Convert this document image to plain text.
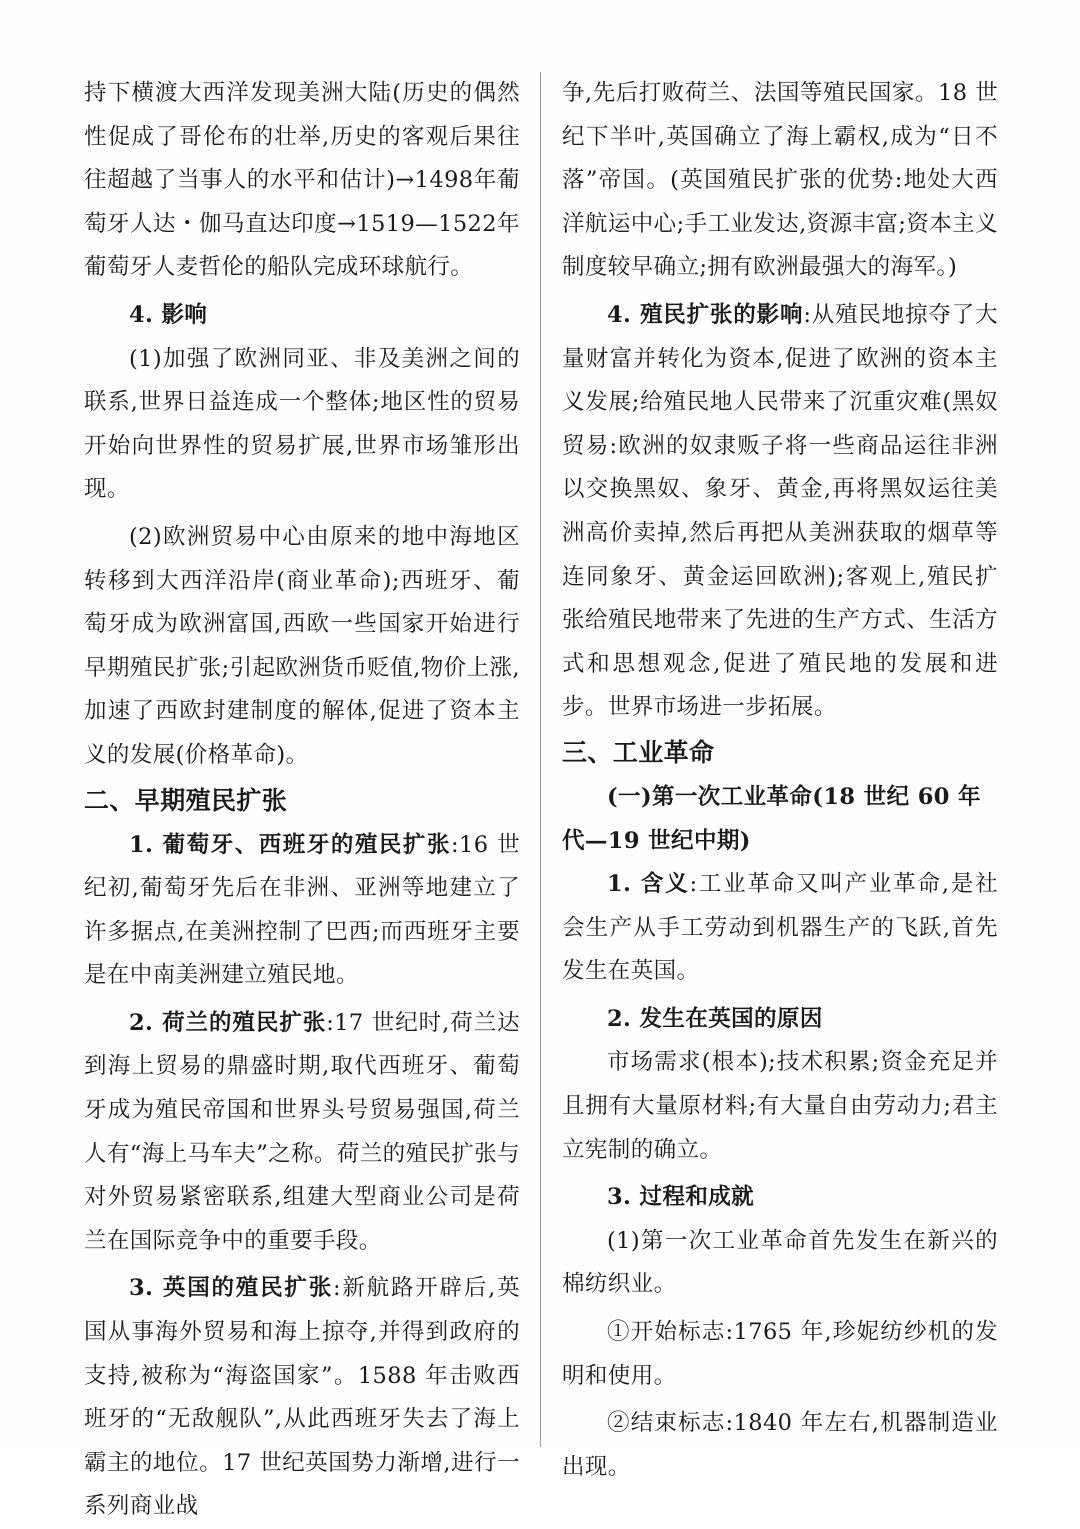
持下横渡大西洋发现美洲大陆(历史的偶然性促成了哥伦布的壮举,历史的客观后果往往超越了当事人的水平和估计)→1498年葡萄牙人达・伽马直达印度→1519—1522年葡萄牙人麦哲伦的船队完成环球航行。

4. 影响

(1)加强了欧洲同亚、非及美洲之间的联系,世界日益连成一个整体;地区性的贸易开始向世界性的贸易扩展,世界市场雏形出现。

(2)欧洲贸易中心由原来的地中海地区转移到大西洋沿岸(商业革命);西班牙、葡萄牙成为欧洲富国,西欧一些国家开始进行早期殖民扩张;引起欧洲货币贬值,物价上涨,加速了西欧封建制度的解体,促进了资本主义的发展(价格革命)。

二、早期殖民扩张

1. 葡萄牙、西班牙的殖民扩张:16 世纪初,葡萄牙先后在非洲、亚洲等地建立了许多据点,在美洲控制了巴西;而西班牙主要是在中南美洲建立殖民地。

2. 荷兰的殖民扩张:17 世纪时,荷兰达到海上贸易的鼎盛时期,取代西班牙、葡萄牙成为殖民帝国和世界头号贸易强国,荷兰人有“海上马车夫”之称。荷兰的殖民扩张与对外贸易紧密联系,组建大型商业公司是荷兰在国际竞争中的重要手段。

3. 英国的殖民扩张:新航路开辟后,英国从事海外贸易和海上掠夺,并得到政府的支持,被称为“海盗国家”。1588 年击败西班牙的“无敌舰队”,从此西班牙失去了海上霸主的地位。17 世纪英国势力渐增,进行一系列商业战

争,先后打败荷兰、法国等殖民国家。18 世纪下半叶,英国确立了海上霸权,成为“日不落”帝国。(英国殖民扩张的优势:地处大西洋航运中心;手工业发达,资源丰富;资本主义制度较早确立;拥有欧洲最强大的海军。)

4. 殖民扩张的影响:从殖民地掠夺了大量财富并转化为资本,促进了欧洲的资本主义发展;给殖民地人民带来了沉重灾难(黑奴贸易:欧洲的奴隶贩子将一些商品运往非洲以交换黑奴、象牙、黄金,再将黑奴运往美洲高价卖掉,然后再把从美洲获取的烟草等连同象牙、黄金运回欧洲);客观上,殖民扩张给殖民地带来了先进的生产方式、生活方式和思想观念,促进了殖民地的发展和进步。世界市场进一步拓展。

三、工业革命

(一)第一次工业革命(18 世纪 60 年代—19 世纪中期)

1. 含义:工业革命又叫产业革命,是社会生产从手工劳动到机器生产的飞跃,首先发生在英国。

2. 发生在英国的原因

市场需求(根本);技术积累;资金充足并且拥有大量原材料;有大量自由劳动力;君主立宪制的确立。

3. 过程和成就

(1)第一次工业革命首先发生在新兴的棉纺织业。

①开始标志:1765 年,珍妮纺纱机的发明和使用。

②结束标志:1840 年左右,机器制造业出现。
